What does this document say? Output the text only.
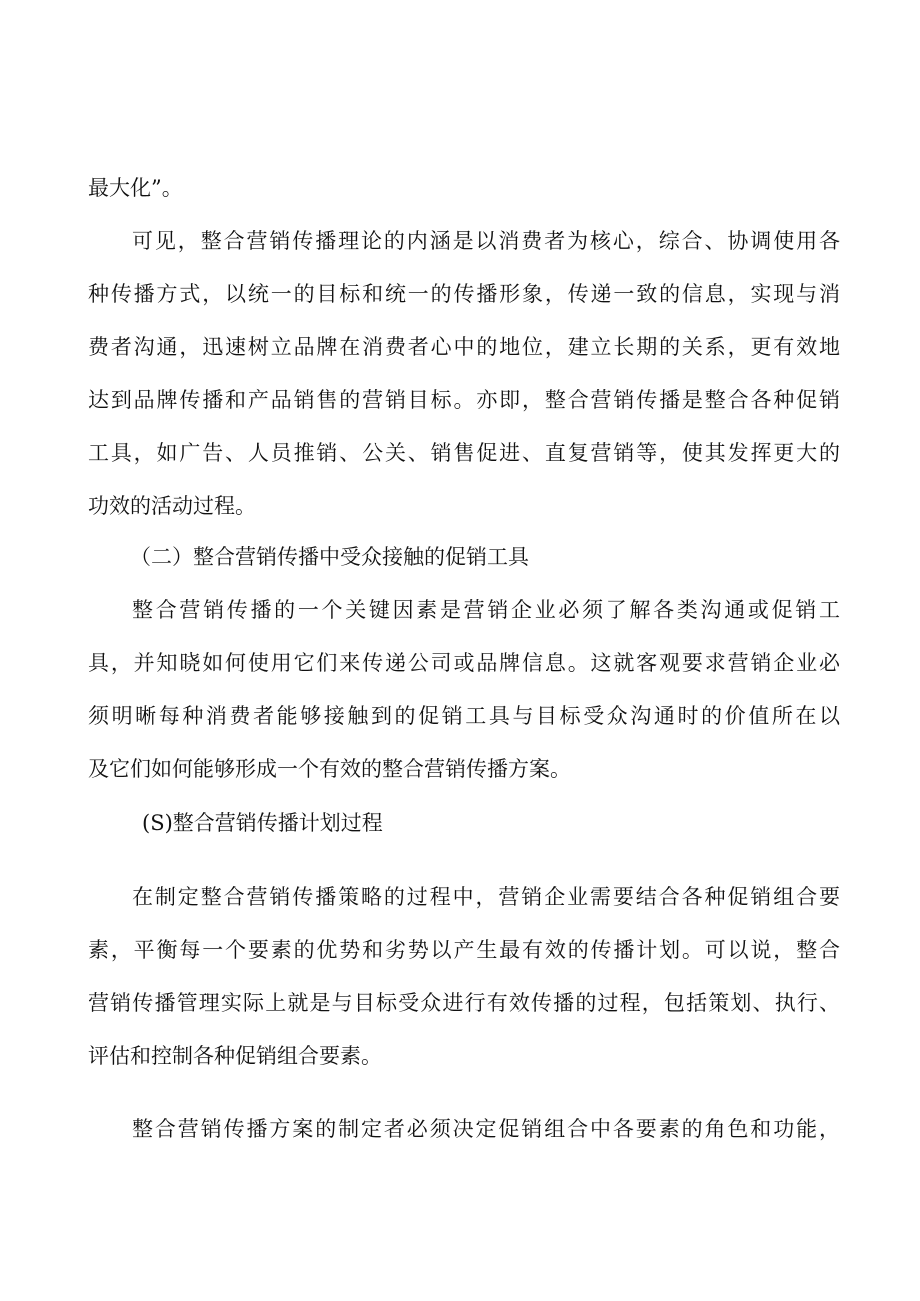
最大化”。

可见，整合营销传播理论的内涵是以消费者为核心，综合、协调使用各

种传播方式，以统一的目标和统一的传播形象，传递一致的信息，实现与消

费者沟通，迅速树立品牌在消费者心中的地位，建立长期的关系，更有效地

达到品牌传播和产品销售的营销目标。亦即，整合营销传播是整合各种促销

工具，如广告、人员推销、公关、销售促进、直复营销等，使其发挥更大的

功效的活动过程。

（二）整合营销传播中受众接触的促销工具

整合营销传播的一个关键因素是营销企业必须了解各类沟通或促销工

具，并知晓如何使用它们来传递公司或品牌信息。这就客观要求营销企业必

须明晰每种消费者能够接触到的促销工具与目标受众沟通时的价值所在以

及它们如何能够形成一个有效的整合营销传播方案。

(S)整合营销传播计划过程

在制定整合营销传播策略的过程中，营销企业需要结合各种促销组合要

素，平衡每一个要素的优势和劣势以产生最有效的传播计划。可以说，整合

营销传播管理实际上就是与目标受众进行有效传播的过程，包括策划、执行、

评估和控制各种促销组合要素。

整合营销传播方案的制定者必须决定促销组合中各要素的角色和功能，
